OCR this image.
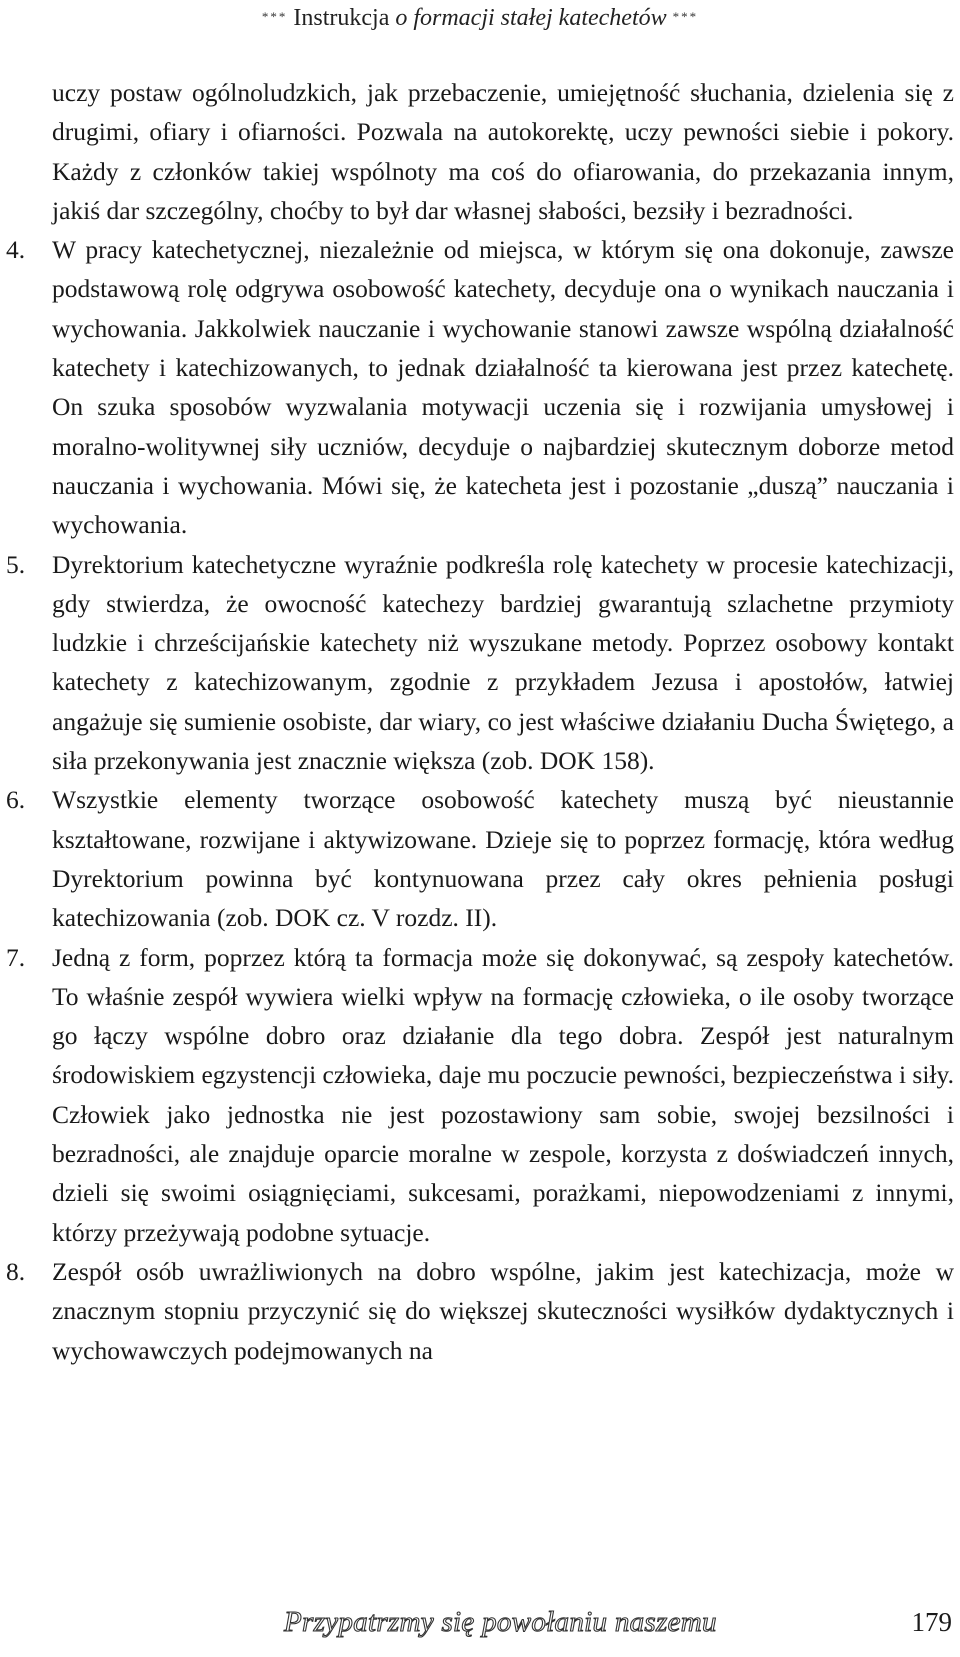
*** Instrukcja o formacji stałej katechetów ***

uczy postaw ogólnoludzkich, jak przebaczenie, umiejętność słuchania, dzielenia się z drugimi, ofiary i ofiarności. Pozwala na autokorektę, uczy pewności siebie i pokory. Każdy z członków takiej wspólnoty ma coś do ofiarowania, do przekazania innym, jakiś dar szczególny, choćby to był dar własnej słabości, bezsiły i bezradności.

4. W pracy katechetycznej, niezależnie od miejsca, w którym się ona dokonuje, zawsze podstawową rolę odgrywa osobowość katechety, decyduje ona o wynikach nauczania i wychowania. Jakkolwiek nauczanie i wychowanie stanowi zawsze wspólną działalność katechety i katechizowanych, to jednak działalność ta kierowana jest przez katechetę. On szuka sposobów wyzwalania motywacji uczenia się i rozwijania umysłowej i moralno-wolitywnej siły uczniów, decyduje o najbardziej skutecznym doborze metod nauczania i wychowania. Mówi się, że katecheta jest i pozostanie „duszą” nauczania i wychowania.

5. Dyrektorium katechetyczne wyraźnie podkreśla rolę katechety w procesie katechizacji, gdy stwierdza, że owocność katechezy bardziej gwarantują szlachetne przymioty ludzkie i chrześcijańskie katechety niż wyszukane metody. Poprzez osobowy kontakt katechety z katechizowanym, zgodnie z przykładem Jezusa i apostołów, łatwiej angażuje się sumienie osobiste, dar wiary, co jest właściwe działaniu Ducha Świętego, a siła przekonywania jest znacznie większa (zob. DOK 158).

6. Wszystkie elementy tworzące osobowość katechety muszą być nieustannie kształtowane, rozwijane i aktywizowane. Dzieje się to poprzez formację, która według Dyrektorium powinna być kontynuowana przez cały okres pełnienia posługi katechizowania (zob. DOK cz. V rozdz. II).

7. Jedną z form, poprzez którą ta formacja może się dokonywać, są zespoły katechetów. To właśnie zespół wywiera wielki wpływ na formację człowieka, o ile osoby tworzące go łączy wspólne dobro oraz działanie dla tego dobra. Zespół jest naturalnym środowiskiem egzystencji człowieka, daje mu poczucie pewności, bezpieczeństwa i siły. Człowiek jako jednostka nie jest pozostawiony sam sobie, swojej bezsilności i bezradności, ale znajduje oparcie moralne w zespole, korzysta z doświadczeń innych, dzieli się swoimi osiągnięciami, sukcesami, porażkami, niepowodzeniami z innymi, którzy przeżywają podobne sytuacje.

8. Zespół osób uwrażliwionych na dobro wspólne, jakim jest katechizacja, może w znacznym stopniu przyczynić się do większej skuteczności wysiłków dydaktycznych i wychowawczych podejmowanych na

Przypatrzmy się powołaniu naszemu	179
